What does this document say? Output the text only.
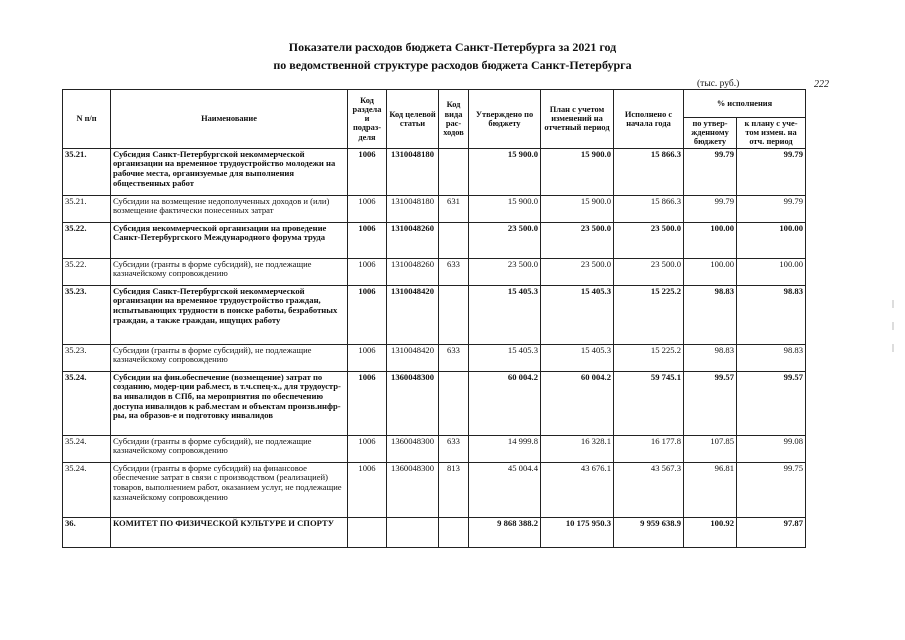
Показатели расходов бюджета Санкт-Петербурга за 2021 год
по ведомственной структуре расходов бюджета Санкт-Петербурга
(тыс. руб.)	222
N п/п	Наименование	Код раздела и подраз-деля	Код целевой статьи	Код вида рас-ходов	Утверждено по бюджету	План с учетом изменений на отчетный период	Исполнено с начала года	% исполнения	
								по утвер-жденному бюджету	к плану с уче-том измен. на отч. период
35.21.	Субсидия Санкт-Петербургской некоммерческой организации на временное трудоустройство молодежи на рабочие места, организуемые для выполнения общественных работ	1006	1310048180		15 900.0	15 900.0	15 866.3	99.79	99.79
35.21.	Субсидии на возмещение недополученных доходов и (или) возмещение фактически понесенных затрат	1006	1310048180	631	15 900.0	15 900.0	15 866.3	99.79	99.79
35.22.	Субсидия некоммерческой организации на проведение Санкт-Петербургского Международного форума труда	1006	1310048260		23 500.0	23 500.0	23 500.0	100.00	100.00
35.22.	Субсидии (гранты в форме субсидий), не подлежащие казначейскому сопровождению	1006	1310048260	633	23 500.0	23 500.0	23 500.0	100.00	100.00
35.23.	Субсидия Санкт-Петербургской некоммерческой организации на временное трудоустройство граждан, испытывающих трудности в поиске работы, безработных граждан, а также граждан, ищущих работу	1006	1310048420		15 405.3	15 405.3	15 225.2	98.83	98.83
35.23.	Субсидии (гранты в форме субсидий), не подлежащие казначейскому сопровождению	1006	1310048420	633	15 405.3	15 405.3	15 225.2	98.83	98.83
35.24.	Субсидии на фин.обеспечение (возмещение) затрат по созданию, модер-ции раб.мест, в т.ч.спец-х., для трудоустр-ва инвалидов в СПб, на мероприятия по обеспечению доступа инвалидов к раб.местам и объектам произв.инфр-ры, на образов-е и подготовку инвалидов	1006	1360048300		60 004.2	60 004.2	59 745.1	99.57	99.57
35.24.	Субсидии (гранты в форме субсидий), не подлежащие казначейскому сопровождению	1006	1360048300	633	14 999.8	16 328.1	16 177.8	107.85	99.08
35.24.	Субсидии (гранты в форме субсидий) на финансовое обеспечение затрат в связи с производством (реализацией) товаров, выполнением работ, оказанием услуг, не подлежащие казначейскому сопровождению	1006	1360048300	813	45 004.4	43 676.1	43 567.3	96.81	99.75
36.	КОМИТЕТ ПО ФИЗИЧЕСКОЙ КУЛЬТУРЕ И СПОРТУ				9 868 388.2	10 175 950.3	9 959 638.9	100.92	97.87
